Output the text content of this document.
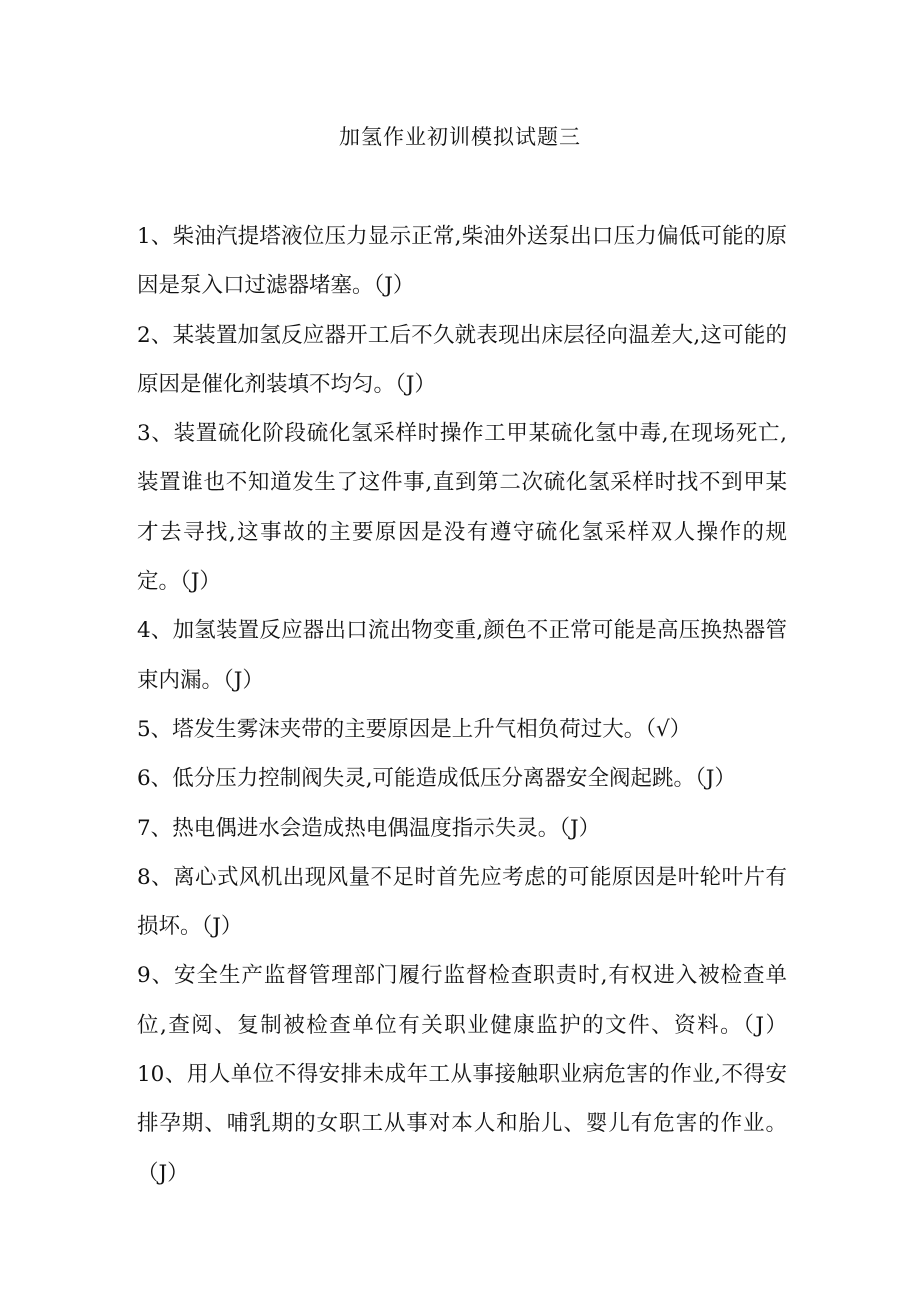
加氢作业初训模拟试题三

1、柴油汽提塔液位压力显示正常,柴油外送泵出口压力偏低可能的原因是泵入口过滤器堵塞。（J）

2、某装置加氢反应器开工后不久就表现出床层径向温差大,这可能的原因是催化剂装填不均匀。（J）

3、装置硫化阶段硫化氢采样时操作工甲某硫化氢中毒,在现场死亡,装置谁也不知道发生了这件事,直到第二次硫化氢采样时找不到甲某才去寻找,这事故的主要原因是没有遵守硫化氢采样双人操作的规定。（J）

4、加氢装置反应器出口流出物变重,颜色不正常可能是高压换热器管束内漏。（J）

5、塔发生雾沫夹带的主要原因是上升气相负荷过大。（√）

6、低分压力控制阀失灵,可能造成低压分离器安全阀起跳。（J）

7、热电偶进水会造成热电偶温度指示失灵。（J）

8、离心式风机出现风量不足时首先应考虑的可能原因是叶轮叶片有损坏。（J）

9、安全生产监督管理部门履行监督检查职责时,有权进入被检查单位,查阅、复制被检查单位有关职业健康监护的文件、资料。（J）10、用人单位不得安排未成年工从事接触职业病危害的作业,不得安排孕期、哺乳期的女职工从事对本人和胎儿、婴儿有危害的作业。（J）
